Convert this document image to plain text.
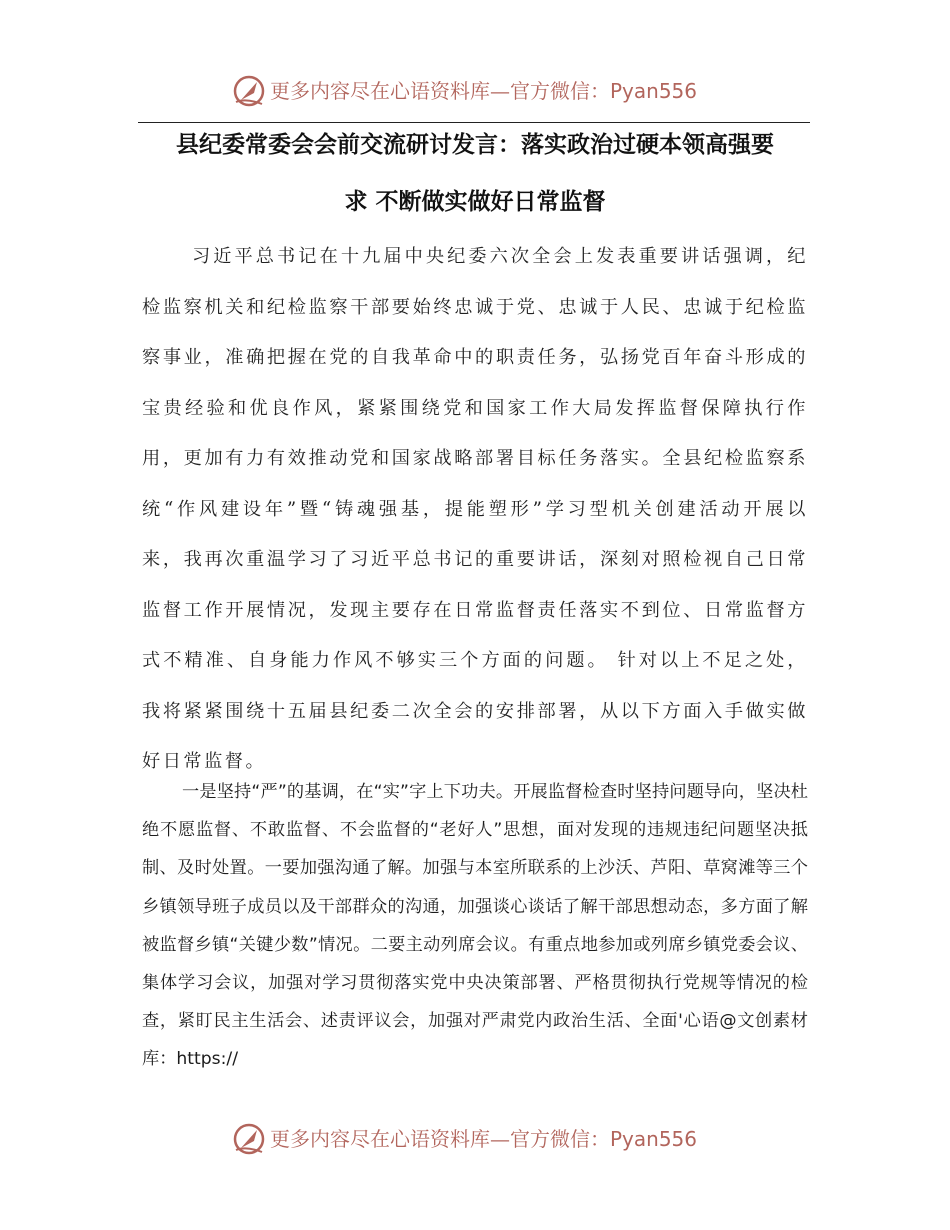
更多内容尽在心语资料库—官方微信：Pyan556
县纪委常委会会前交流研讨发言：落实政治过硬本领高强要
求 不断做实做好日常监督

习近平总书记在十九届中央纪委六次全会上发表重要讲话强调，纪检监察机关和纪检监察干部要始终忠诚于党、忠诚于人民、忠诚于纪检监察事业，准确把握在党的自我革命中的职责任务，弘扬党百年奋斗形成的宝贵经验和优良作风，紧紧围绕党和国家工作大局发挥监督保障执行作用，更加有力有效推动党和国家战略部署目标任务落实。全县纪检监察系统“作风建设年”暨“铸魂强基，提能塑形”学习型机关创建活动开展以来，我再次重温学习了习近平总书记的重要讲话，深刻对照检视自己日常监督工作开展情况，发现主要存在日常监督责任落实不到位、日常监督方式不精准、自身能力作风不够实三个方面的问题。 针对以上不足之处，我将紧紧围绕十五届县纪委二次全会的安排部署，从以下方面入手做实做好日常监督。

一是坚持“严”的基调，在“实”字上下功夫。开展监督检查时坚持问题导向，坚决杜绝不愿监督、不敢监督、不会监督的“老好人”思想，面对发现的违规违纪问题坚决抵制、及时处置。一要加强沟通了解。加强与本室所联系的上沙沃、芦阳、草窝滩等三个乡镇领导班子成员以及干部群众的沟通，加强谈心谈话了解干部思想动态，多方面了解被监督乡镇“关键少数”情况。二要主动列席会议。有重点地参加或列席乡镇党委会议、集体学习会议，加强对学习贯彻落实党中央决策部署、严格贯彻执行党规等情况的检查，紧盯民主生活会、述责评议会，加强对严肃党内政治生活、全面'心语@文创素材库：https://

更多内容尽在心语资料库—官方微信：Pyan556
